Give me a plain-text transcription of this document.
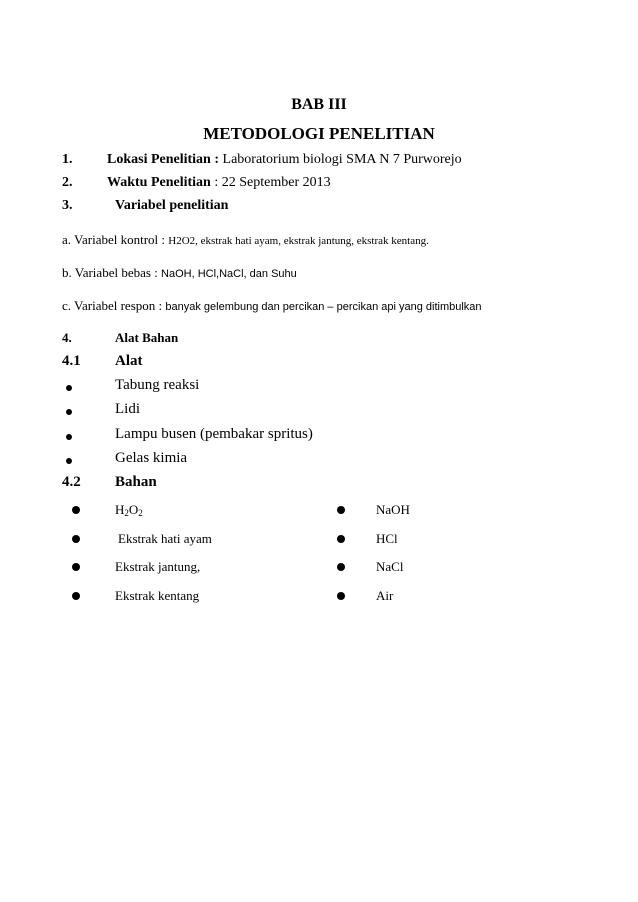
BAB III
METODOLOGI PENELITIAN
1. Lokasi Penelitian : Laboratorium biologi SMA N 7 Purworejo
2. Waktu Penelitian : 22 September 2013
3.	Variabel penelitian
a. Variabel kontrol : H2O2, ekstrak hati ayam, ekstrak jantung, ekstrak kentang.
b. Variabel bebas : NaOH, HCl,NaCl, dan Suhu
c. Variabel respon : banyak gelembung dan percikan – percikan api yang ditimbulkan
4.	Alat Bahan
4.1 Alat
Tabung reaksi
Lidi
Lampu busen (pembakar spritus)
Gelas kimia
4.2 Bahan
$H_2O_2$
Ekstrak hati ayam
Ekstrak jantung,
Ekstrak kentang
NaOH
HCl
NaCl
Air
